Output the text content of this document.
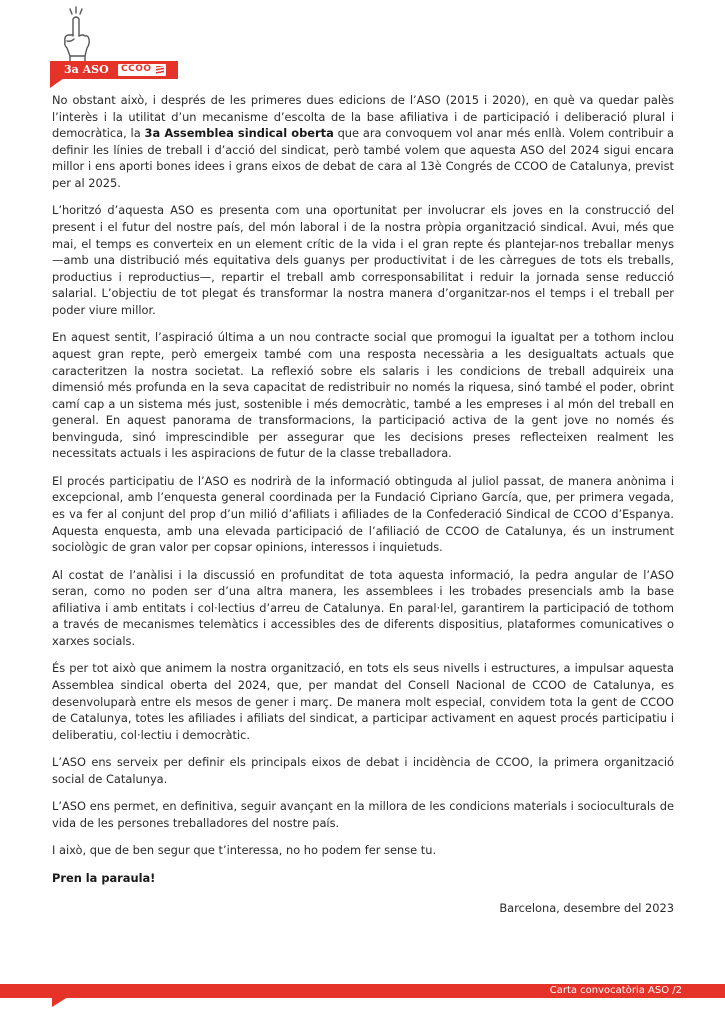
3a ASO CCOO

No obstant això, i després de les primeres dues edicions de l’ASO (2015 i 2020), en què va quedar palès l’interès i la utilitat d’un mecanisme d’escolta de la base afiliativa i de participació i deliberació plural i democràtica, la 3a Assemblea sindical oberta que ara convoquem vol anar més enllà. Volem contribuir a definir les línies de treball i d’acció del sindicat, però també volem que aquesta ASO del 2024 sigui encara millor i ens aporti bones idees i grans eixos de debat de cara al 13è Congrés de CCOO de Catalunya, previst per al 2025.

L’horitzó d’aquesta ASO es presenta com una oportunitat per involucrar els joves en la construcció del present i el futur del nostre país, del món laboral i de la nostra pròpia organització sindical. Avui, més que mai, el temps es converteix en un element crític de la vida i el gran repte és plantejar-nos treballar menys —amb una distribució més equitativa dels guanys per productivitat i de les càrregues de tots els treballs, productius i reproductius—, repartir el treball amb corresponsabilitat i reduir la jornada sense reducció salarial. L’objectiu de tot plegat és transformar la nostra manera d’organitzar-nos el temps i el treball per poder viure millor.

En aquest sentit, l’aspiració última a un nou contracte social que promogui la igualtat per a tothom inclou aquest gran repte, però emergeix també com una resposta necessària a les desigualtats actuals que caracteritzen la nostra societat. La reflexió sobre els salaris i les condicions de treball adquireix una dimensió més profunda en la seva capacitat de redistribuir no només la riquesa, sinó també el poder, obrint camí cap a un sistema més just, sostenible i més democràtic, també a les empreses i al món del treball en general. En aquest panorama de transformacions, la participació activa de la gent jove no només és benvinguda, sinó imprescindible per assegurar que les decisions preses reflecteixen realment les necessitats actuals i les aspiracions de futur de la classe treballadora.

El procés participatiu de l’ASO es nodrirà de la informació obtinguda al juliol passat, de manera anònima i excepcional, amb l’enquesta general coordinada per la Fundació Cipriano García, que, per primera vegada, es va fer al conjunt del prop d’un milió d’afiliats i afiliades de la Confederació Sindical de CCOO d’Espanya. Aquesta enquesta, amb una elevada participació de l’afiliació de CCOO de Catalunya, és un instrument sociològic de gran valor per copsar opinions, interessos i inquietuds.

Al costat de l’anàlisi i la discussió en profunditat de tota aquesta informació, la pedra angular de l’ASO seran, como no poden ser d’una altra manera, les assemblees i les trobades presencials amb la base afiliativa i amb entitats i col·lectius d’arreu de Catalunya. En paral·lel, garantirem la participació de tothom a través de mecanismes telemàtics i accessibles des de diferents dispositius, plataformes comunicatives o xarxes socials.

És per tot això que animem la nostra organització, en tots els seus nivells i estructures, a impulsar aquesta Assemblea sindical oberta del 2024, que, per mandat del Consell Nacional de CCOO de Catalunya, es desenvoluparà entre els mesos de gener i març. De manera molt especial, convidem tota la gent de CCOO de Catalunya, totes les afiliades i afiliats del sindicat, a participar activament en aquest procés participatiu i deliberatiu, col·lectiu i democràtic.

L’ASO ens serveix per definir els principals eixos de debat i incidència de CCOO, la primera organització social de Catalunya.

L’ASO ens permet, en definitiva, seguir avançant en la millora de les condicions materials i socioculturals de vida de les persones treballadores del nostre país.

I això, que de ben segur que t’interessa, no ho podem fer sense tu.

Pren la paraula!

Barcelona, desembre del 2023

Carta convocatòria ASO /2
